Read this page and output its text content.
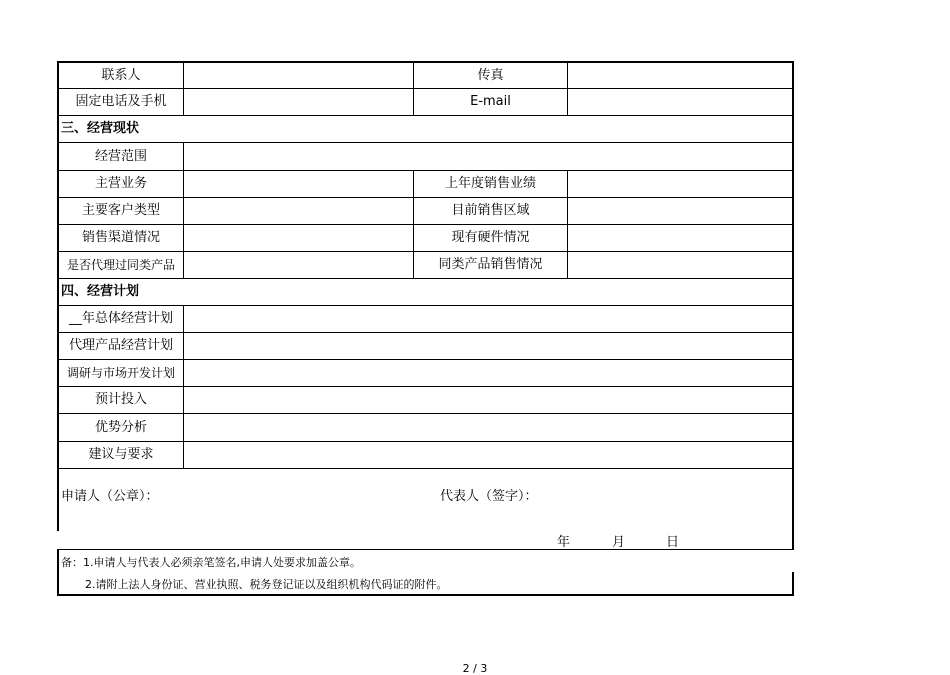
联系人	传真
固定电话及手机	E-mail
三、经营现状
经营范围
主营业务	上年度销售业绩
主要客户类型	目前销售区域
销售渠道情况	现有硬件情况
是否代理过同类产品	同类产品销售情况
四、经营计划
__年总体经营计划
代理产品经营计划
调研与市场开发计划
预计投入
优势分析
建议与要求
申请人（公章）：	代表人（签字）：
年	月	日
备：1.申请人与代表人必须亲笔签名,申请人处要求加盖公章。
2.请附上法人身份证、营业执照、税务登记证以及组织机构代码证的附件。
2 / 3
